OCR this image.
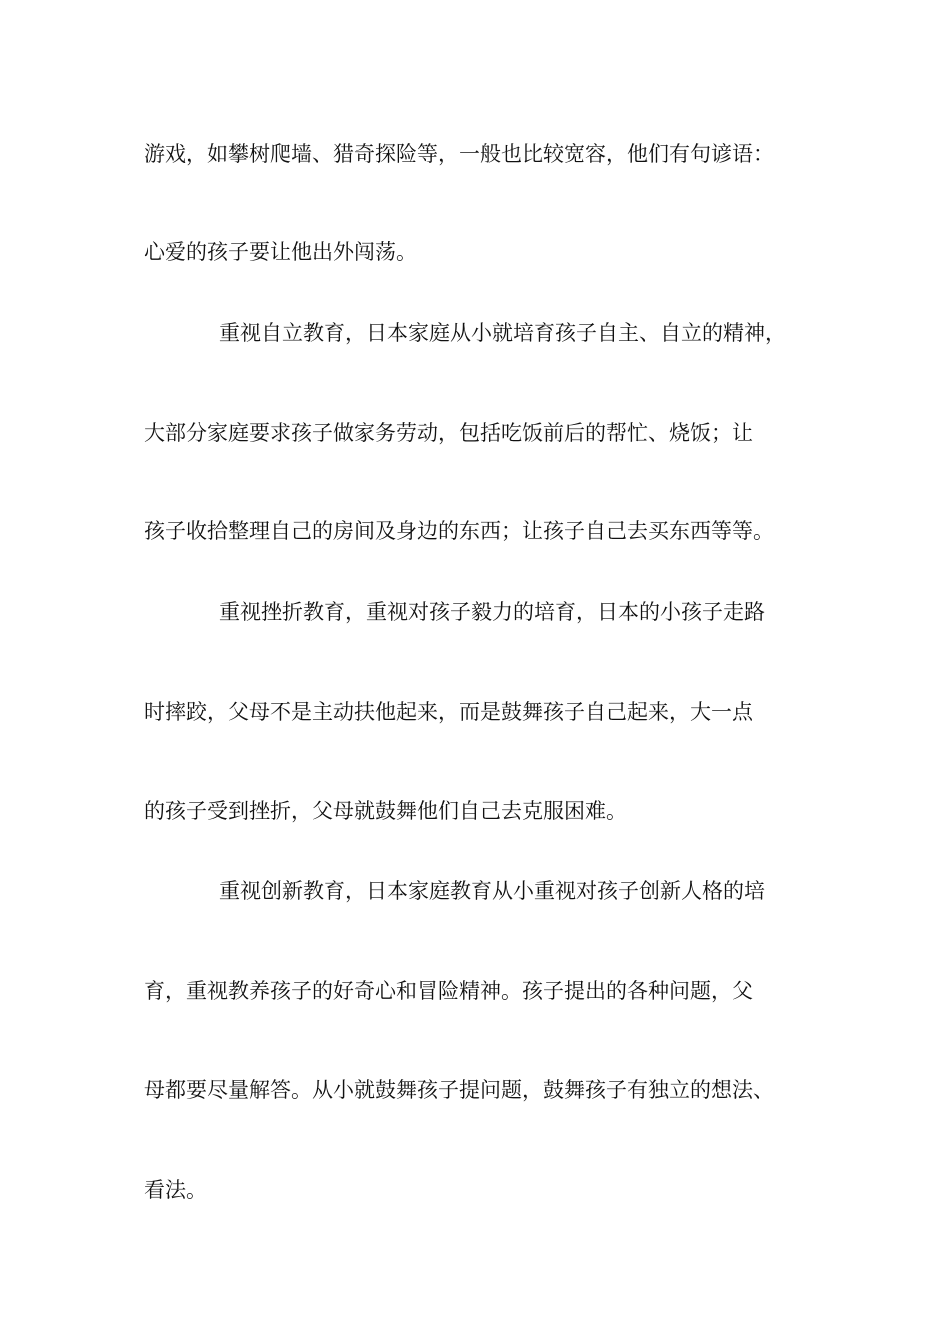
游戏，如攀树爬墙、猎奇探险等，一般也比较宽容，他们有句谚语：

心爱的孩子要让他出外闯荡。

重视自立教育，日本家庭从小就培育孩子自主、自立的精神，

大部分家庭要求孩子做家务劳动，包括吃饭前后的帮忙、烧饭；让

孩子收拾整理自己的房间及身边的东西；让孩子自己去买东西等等。

重视挫折教育，重视对孩子毅力的培育，日本的小孩子走路

时摔跤，父母不是主动扶他起来，而是鼓舞孩子自己起来，大一点

的孩子受到挫折，父母就鼓舞他们自己去克服困难。

重视创新教育，日本家庭教育从小重视对孩子创新人格的培

育，重视教养孩子的好奇心和冒险精神。孩子提出的各种问题，父

母都要尽量解答。从小就鼓舞孩子提问题，鼓舞孩子有独立的想法、

看法。
